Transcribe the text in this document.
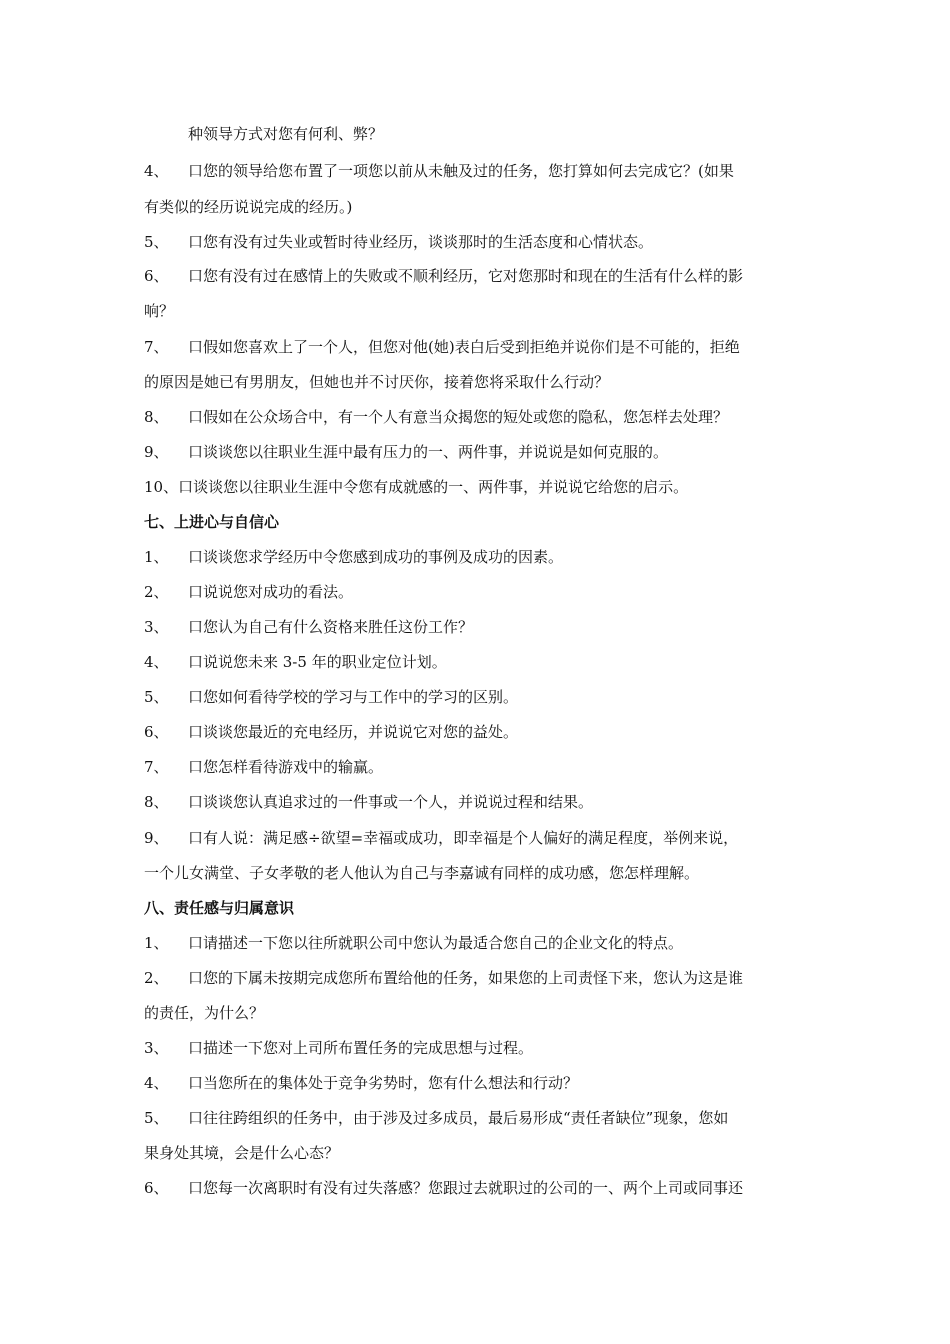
种领导方式对您有何利、弊？
4、 口您的领导给您布置了一项您以前从未触及过的任务，您打算如何去完成它？(如果
有类似的经历说说完成的经历。)
5、 口您有没有过失业或暂时待业经历，谈谈那时的生活态度和心情状态。
6、 口您有没有过在感情上的失败或不顺利经历，它对您那时和现在的生活有什么样的影
响？
7、 口假如您喜欢上了一个人，但您对他(她)表白后受到拒绝并说你们是不可能的，拒绝
的原因是她已有男朋友，但她也并不讨厌你，接着您将采取什么行动？
8、 口假如在公众场合中，有一个人有意当众揭您的短处或您的隐私，您怎样去处理？
9、 口谈谈您以往职业生涯中最有压力的一、两件事，并说说是如何克服的。
10、口谈谈您以往职业生涯中令您有成就感的一、两件事，并说说它给您的启示。
七、上进心与自信心
1、 口谈谈您求学经历中令您感到成功的事例及成功的因素。
2、 口说说您对成功的看法。
3、 口您认为自己有什么资格来胜任这份工作？
4、 口说说您未来 3-5 年的职业定位计划。
5、 口您如何看待学校的学习与工作中的学习的区别。
6、 口谈谈您最近的充电经历，并说说它对您的益处。
7、 口您怎样看待游戏中的输赢。
8、 口谈谈您认真追求过的一件事或一个人，并说说过程和结果。
9、 口有人说：满足感÷欲望=幸福或成功，即幸福是个人偏好的满足程度，举例来说，
一个儿女满堂、子女孝敬的老人他认为自己与李嘉诚有同样的成功感，您怎样理解。
八、责任感与归属意识
1、 口请描述一下您以往所就职公司中您认为最适合您自己的企业文化的特点。
2、 口您的下属未按期完成您所布置给他的任务，如果您的上司责怪下来，您认为这是谁
的责任，为什么？
3、 口描述一下您对上司所布置任务的完成思想与过程。
4、 口当您所在的集体处于竞争劣势时，您有什么想法和行动？
5、 口往往跨组织的任务中，由于涉及过多成员，最后易形成“责任者缺位”现象，您如
果身处其境，会是什么心态？
6、 口您每一次离职时有没有过失落感？您跟过去就职过的公司的一、两个上司或同事还
